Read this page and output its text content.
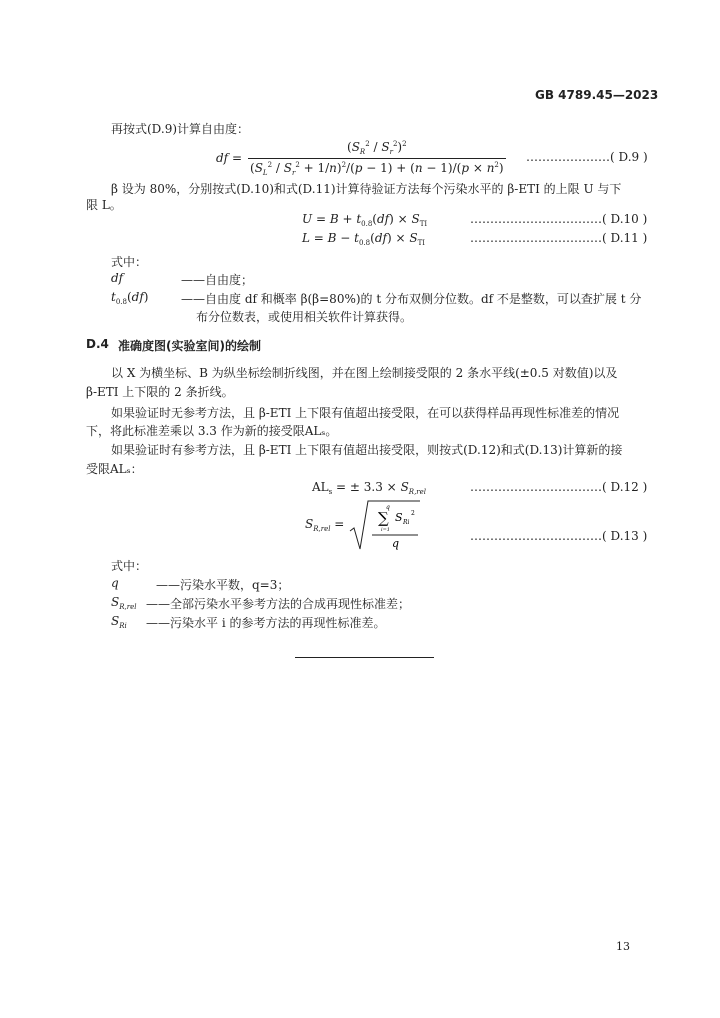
GB 4789.45—2023
再按式(D.9)计算自由度：
df = $\frac{(S_R^2 / S_r^2)^2}{(S_L^2 / S_r^2 + 1/n)^2/(p - 1) + (n - 1)/(p \times n^2)}$ …………………( D.9 )
β 设为 80%，分别按式(D.10)和式(D.11)计算待验证方法每个污染水平的 β-ETI 的上限 U 与下
限 L。
$U = B + t_{0.8}(df) \times S_{TI}$	……………………………( D.10 )
$L = B - t_{0.8}(df) \times S_{TI}$	……………………………( D.11 )
式中：
df	——自由度；
$t_{0.8}(df)$	——自由度 df 和概率 β(β=80%)的 t 分布双侧分位数。df 不是整数，可以查扩展 t 分
布分位数表，或使用相关软件计算获得。
D.4 准确度图(实验室间)的绘制
以 X 为横坐标、B 为纵坐标绘制折线图，并在图上绘制接受限的 2 条水平线(±0.5 对数值)以及
β-ETI 上下限的 2 条折线。
如果验证时无参考方法，且 β-ETI 上下限有值超出接受限，在可以获得样品再现性标准差的情况
下，将此标准差乘以 3.3 作为新的接受限ALₛ。
如果验证时有参考方法，且 β-ETI 上下限有值超出接受限，则按式(D.12)和式(D.13)计算新的接
受限ALₛ：
$AL_s$ = ± $3.3 \times S_{R,rel}$	……………………………( D.12 )
$S_{R,rel}$ =
q
∑
i=1
S Ri
2
q
……………………………( D.13 )
式中：
q	——污染水平数，q=3；
$S_{R,rel}$ ——全部污染水平参考方法的合成再现性标准差；
$S_{Ri}$ ——污染水平 i 的参考方法的再现性标准差。
13
